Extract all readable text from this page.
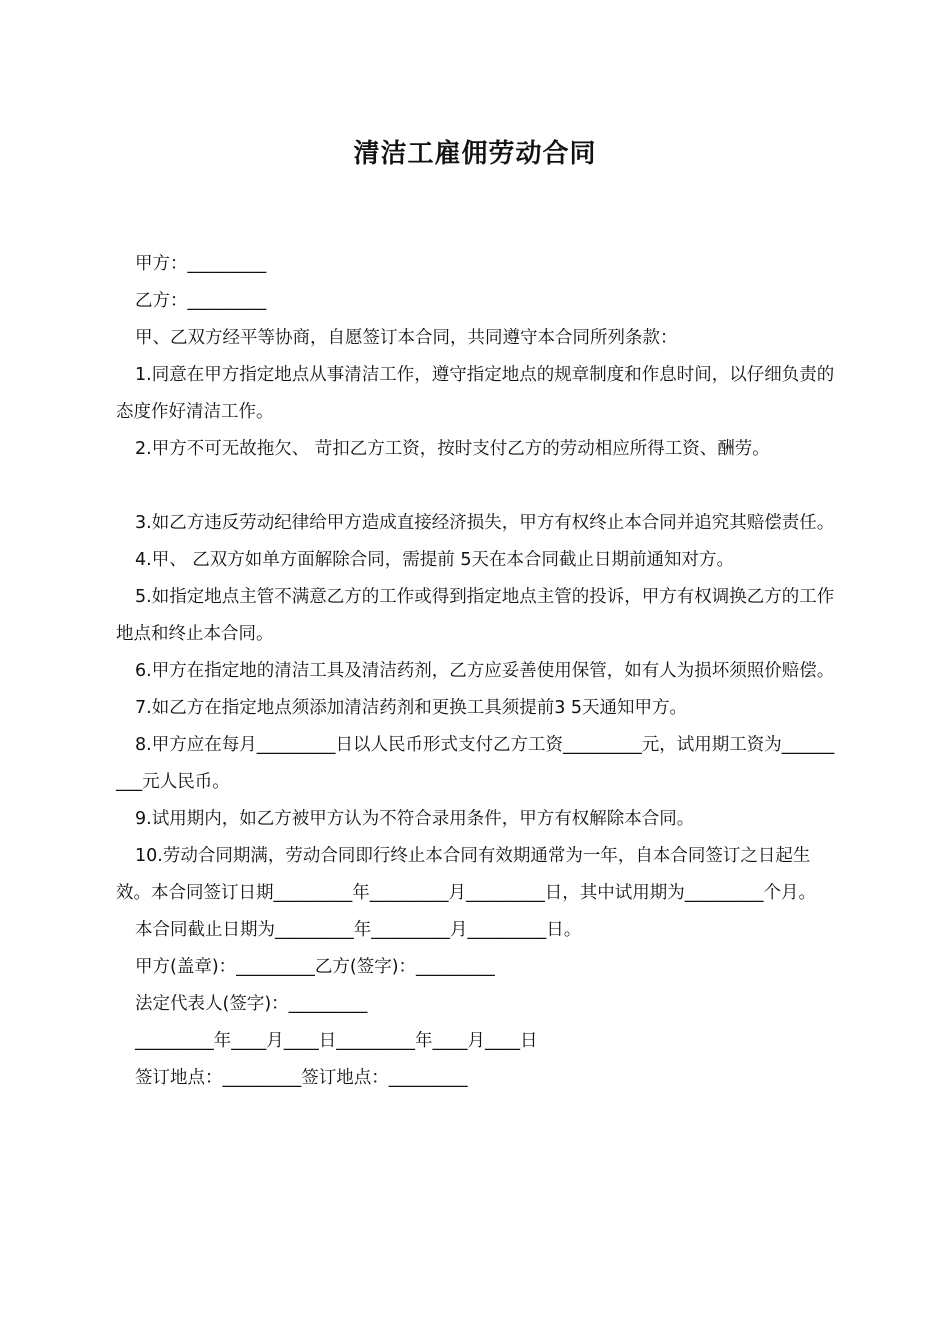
清洁工雇佣劳动合同

甲方：_________

乙方：_________

甲、乙双方经平等协商，自愿签订本合同，共同遵守本合同所列条款：

1.同意在甲方指定地点从事清洁工作，遵守指定地点的规章制度和作息时间，以仔细负责的态度作好清洁工作。

2.甲方不可无故拖欠、 苛扣乙方工资，按时支付乙方的劳动相应所得工资、酬劳。

3.如乙方违反劳动纪律给甲方造成直接经济损失，甲方有权终止本合同并追究其赔偿责任。

4.甲、 乙双方如单方面解除合同，需提前 5天在本合同截止日期前通知对方。

5.如指定地点主管不满意乙方的工作或得到指定地点主管的投诉，甲方有权调换乙方的工作地点和终止本合同。

6.甲方在指定地的清洁工具及清洁药剂，乙方应妥善使用保管，如有人为损坏须照价赔偿。

7.如乙方在指定地点须添加清洁药剂和更换工具须提前3 5天通知甲方。

8.甲方应在每月_________日以人民币形式支付乙方工资_________元，试用期工资为_________元人民币。

9.试用期内，如乙方被甲方认为不符合录用条件，甲方有权解除本合同。

10.劳动合同期满，劳动合同即行终止本合同有效期通常为一年，自本合同签订之日起生效。本合同签订日期_________年_________月_________日，其中试用期为_________个月。

本合同截止日期为_________年_________月_________日。

甲方(盖章)：_________乙方(签字)：_________

法定代表人(签字)：_________

_________年____月____日_________年____月____日

签订地点：_________签订地点：_________
